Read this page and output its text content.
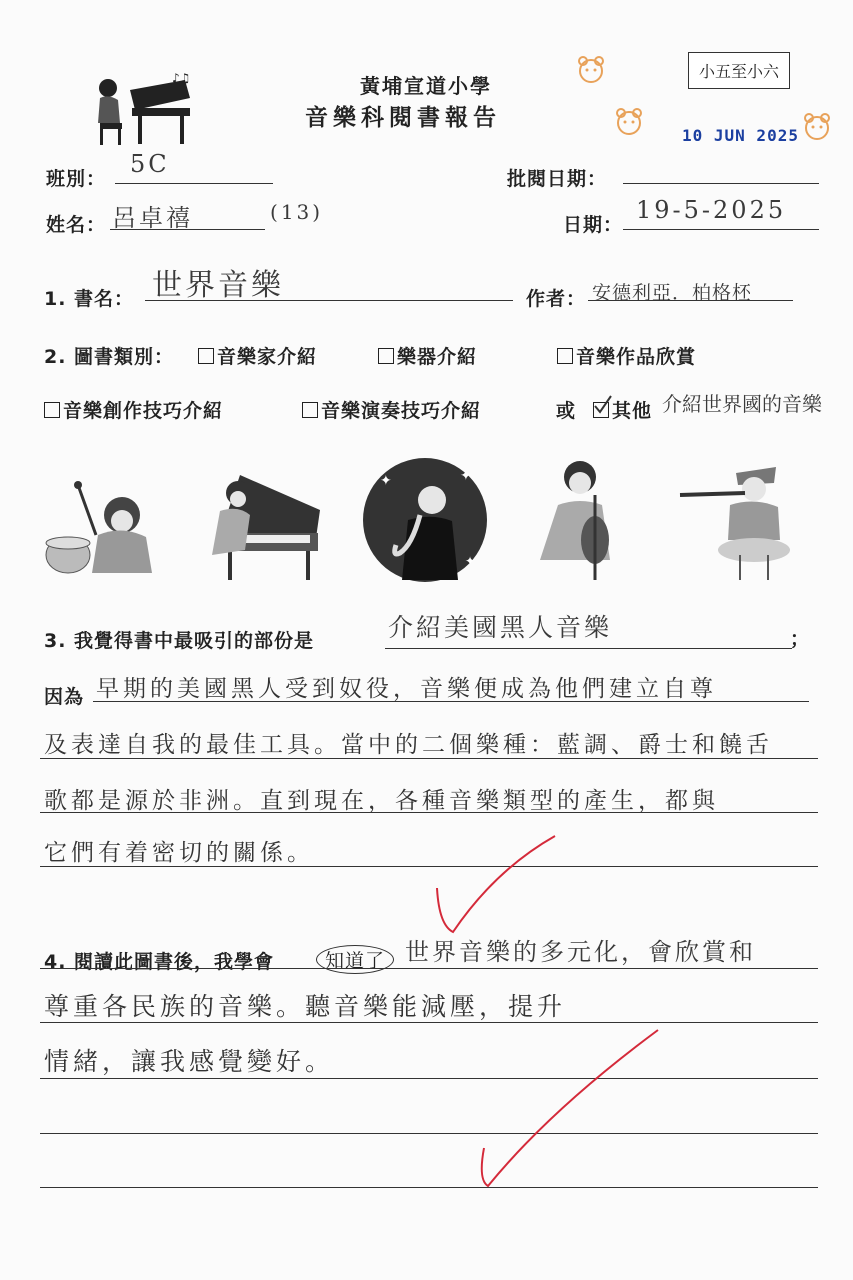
♪♫	黃埔宣道小學
音樂科閱書報告
小五至小六
10 JUN 2025
班別：
5C
批閱日期：
姓名： 呂卓禧	(13)
日期：
19-5-2025
1. 書名： 世界音樂	作者： 安德利亞．柏格柸
2. 圖書類別：	音樂家介紹	樂器介紹	音樂作品欣賞
音樂創作技巧介紹	音樂演奏技巧介紹	或	其他 介紹世界國的音樂
✦	✦
✦
3. 我覺得書中最吸引的部份是	介紹美國黑人音樂	；
因為 早期的美國黑人受到奴役，音樂便成為他們建立自尊
及表達自我的最佳工具。當中的二個樂種：藍調、爵士和饒舌
歌都是源於非洲。直到現在，各種音樂類型的產生，都與
它們有着密切的關係。
4. 閱讀此圖書後，我學會	知道了 世界音樂的多元化，會欣賞和
尊重各民族的音樂。聽音樂能減壓，提升
情緒，讓我感覺變好。
